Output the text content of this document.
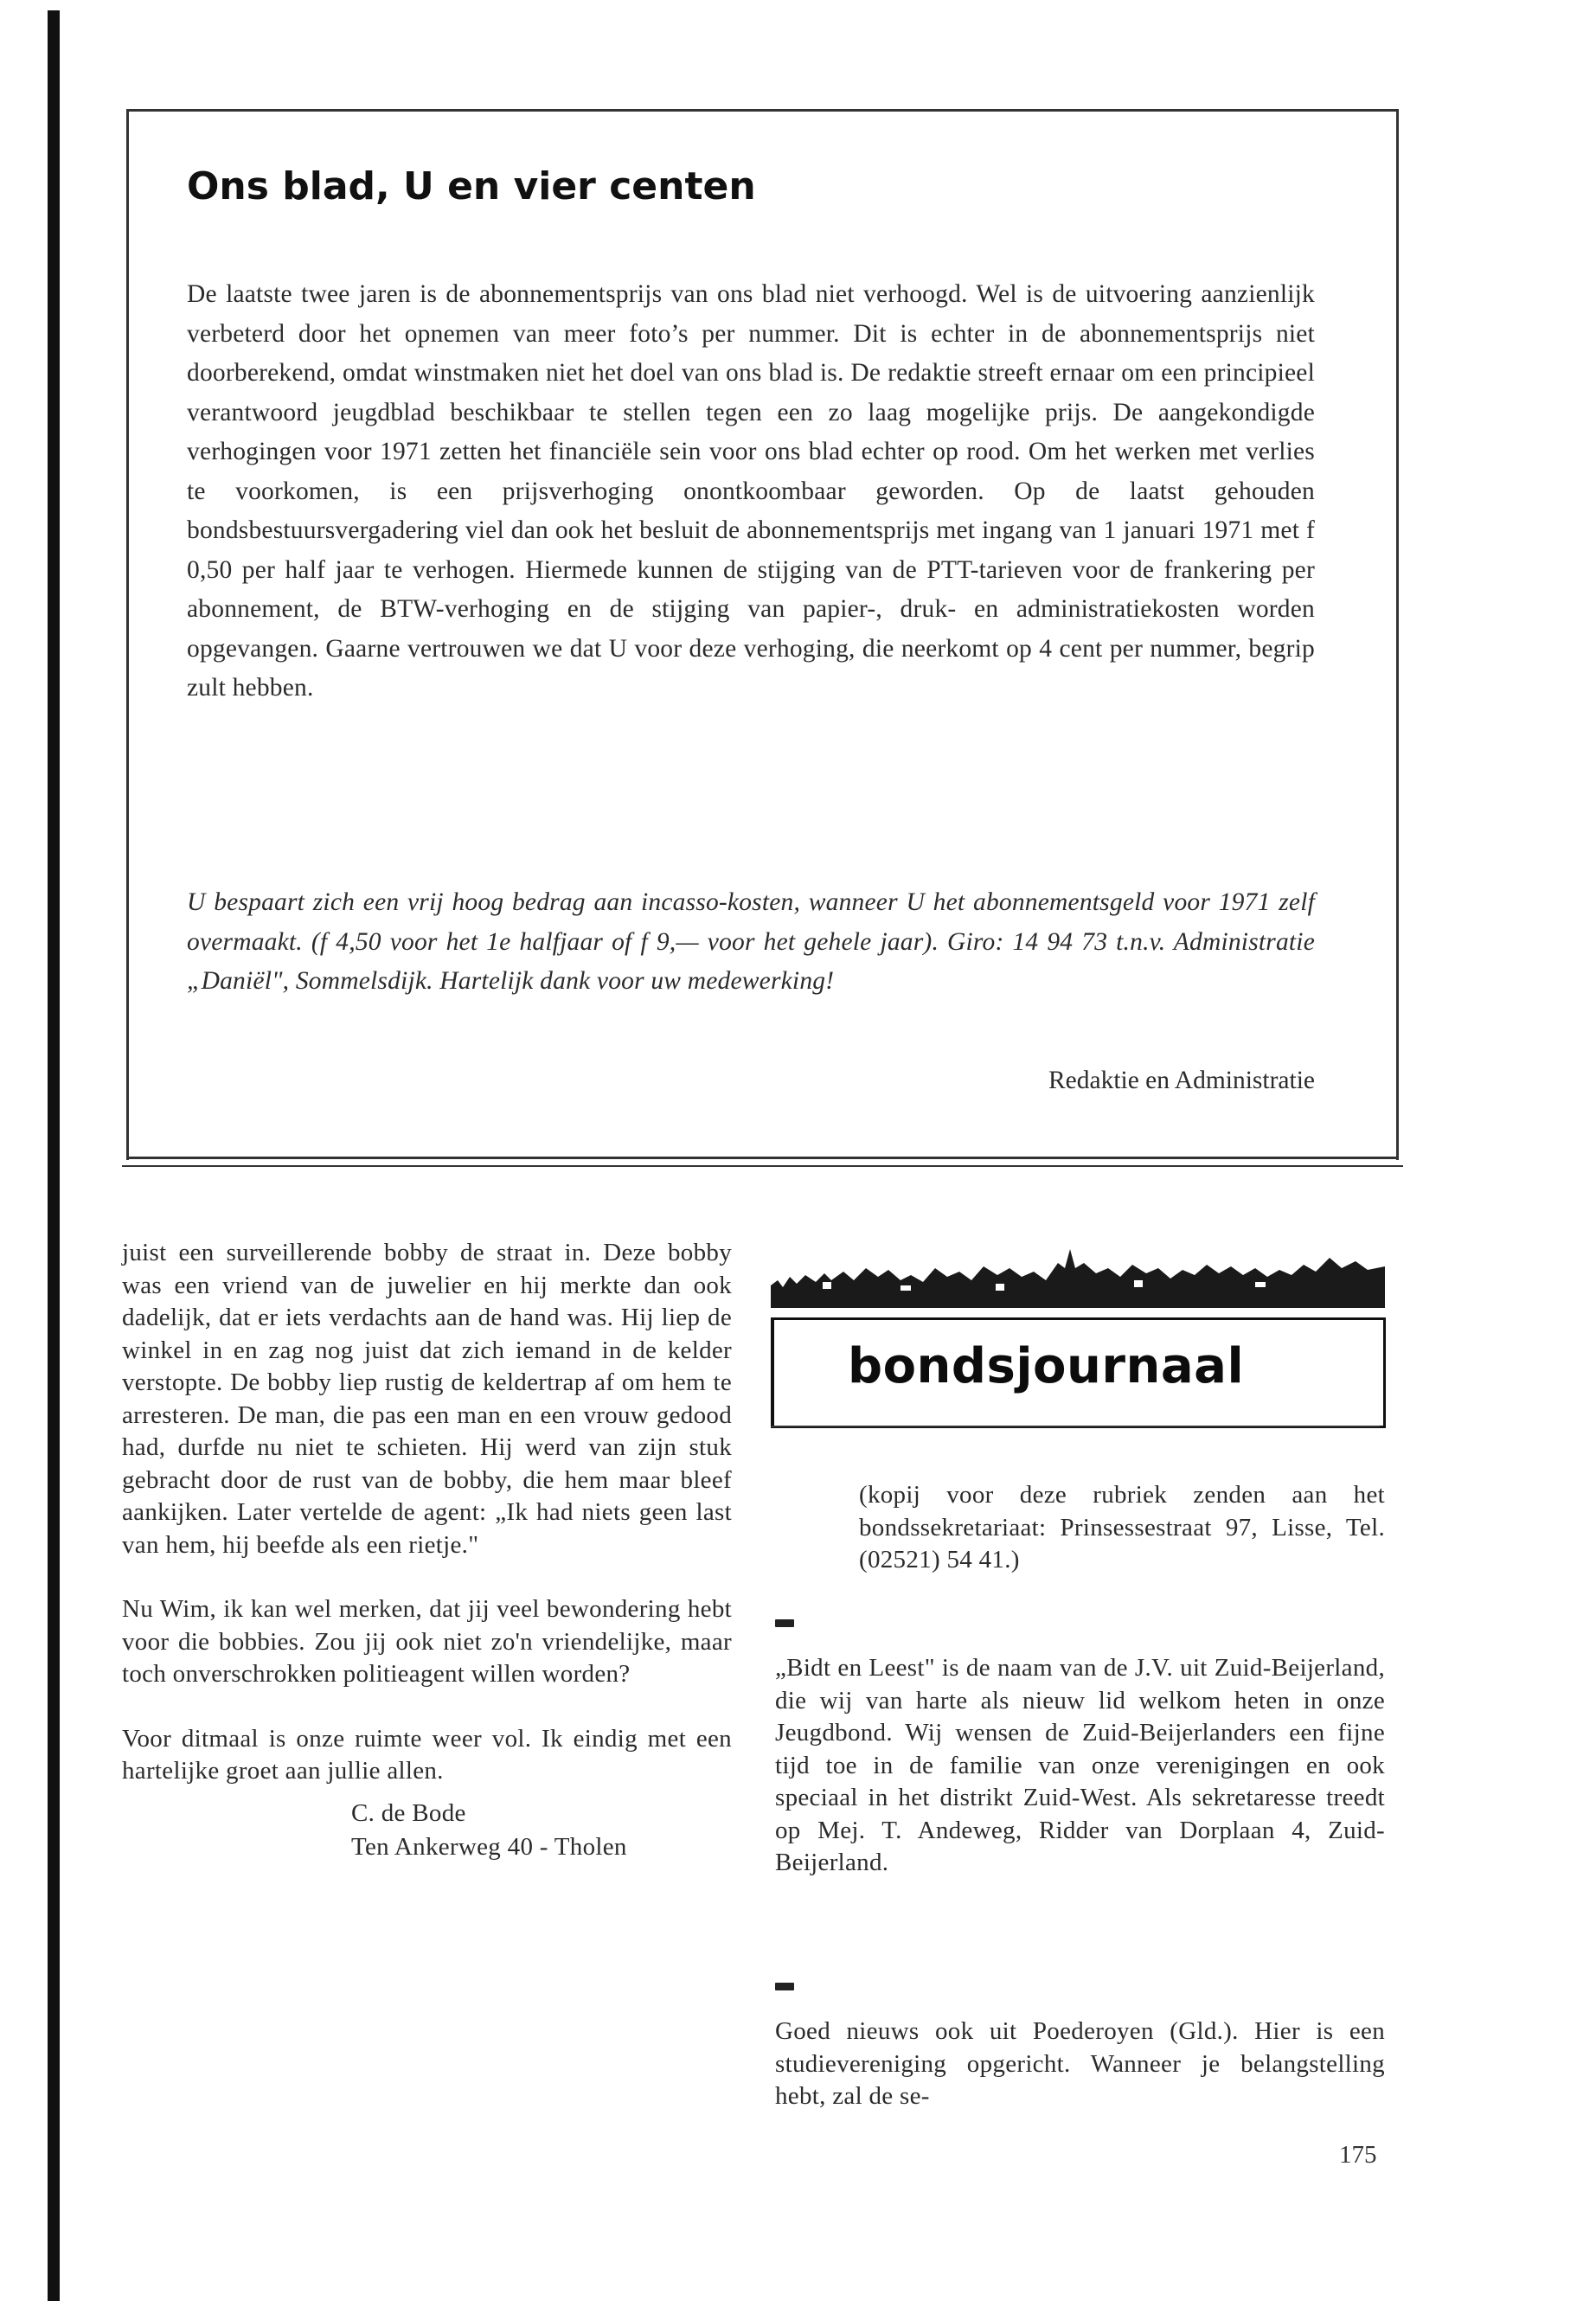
Ons blad, U en vier centen

De laatste twee jaren is de abonnementsprijs van ons blad niet verhoogd. Wel is de uitvoering aanzienlijk verbeterd door het opnemen van meer foto’s per nummer. Dit is echter in de abonnementsprijs niet doorberekend, omdat winstmaken niet het doel van ons blad is. De redaktie streeft ernaar om een principieel verantwoord jeugdblad beschikbaar te stellen tegen een zo laag mogelijke prijs. De aangekondigde verhogingen voor 1971 zetten het financiële sein voor ons blad echter op rood. Om het werken met verlies te voorkomen, is een prijsverhoging onontkoombaar geworden. Op de laatst gehouden bondsbestuursvergadering viel dan ook het besluit de abonnementsprijs met ingang van 1 januari 1971 met f 0,50 per half jaar te verhogen. Hiermede kunnen de stijging van de PTT-tarieven voor de frankering per abonnement, de BTW-verhoging en de stijging van papier-, druk- en administratiekosten worden opgevangen. Gaarne vertrouwen we dat U voor deze verhoging, die neerkomt op 4 cent per nummer, begrip zult hebben.

U bespaart zich een vrij hoog bedrag aan incasso-kosten, wanneer U het abonnementsgeld voor 1971 zelf overmaakt. (f 4,50 voor het 1e halfjaar of f 9,— voor het gehele jaar). Giro: 14 94 73 t.n.v. Administratie „Daniël", Sommelsdijk. Hartelijk dank voor uw medewerking!

Redaktie en Administratie

juist een surveillerende bobby de straat in. Deze bobby was een vriend van de juwelier en hij merkte dan ook dadelijk, dat er iets verdachts aan de hand was. Hij liep de winkel in en zag nog juist dat zich iemand in de kelder verstopte. De bobby liep rustig de keldertrap af om hem te arresteren. De man, die pas een man en een vrouw gedood had, durfde nu niet te schieten. Hij werd van zijn stuk gebracht door de rust van de bobby, die hem maar bleef aankijken. Later vertelde de agent: „Ik had niets geen last van hem, hij beefde als een rietje."

Nu Wim, ik kan wel merken, dat jij veel bewondering hebt voor die bobbies. Zou jij ook niet zo'n vriendelijke, maar toch onverschrokken politieagent willen worden?

Voor ditmaal is onze ruimte weer vol. Ik eindig met een hartelijke groet aan jullie allen.

C. de Bode
Ten Ankerweg 40 - Tholen
bondsjournaal
(kopij voor deze rubriek zenden aan het bondssekretariaat: Prinsessestraat 97, Lisse, Tel. (02521) 54 41.)
„Bidt en Leest" is de naam van de J.V. uit Zuid-Beijerland, die wij van harte als nieuw lid welkom heten in onze Jeugdbond. Wij wensen de Zuid-Beijerlanders een fijne tijd toe in de familie van onze verenigingen en ook speciaal in het distrikt Zuid-West. Als sekretaresse treedt op Mej. T. Andeweg, Ridder van Dorplaan 4, Zuid-Beijerland.
Goed nieuws ook uit Poederoyen (Gld.). Hier is een studievereniging opgericht. Wanneer je belangstelling hebt, zal de se-
175
